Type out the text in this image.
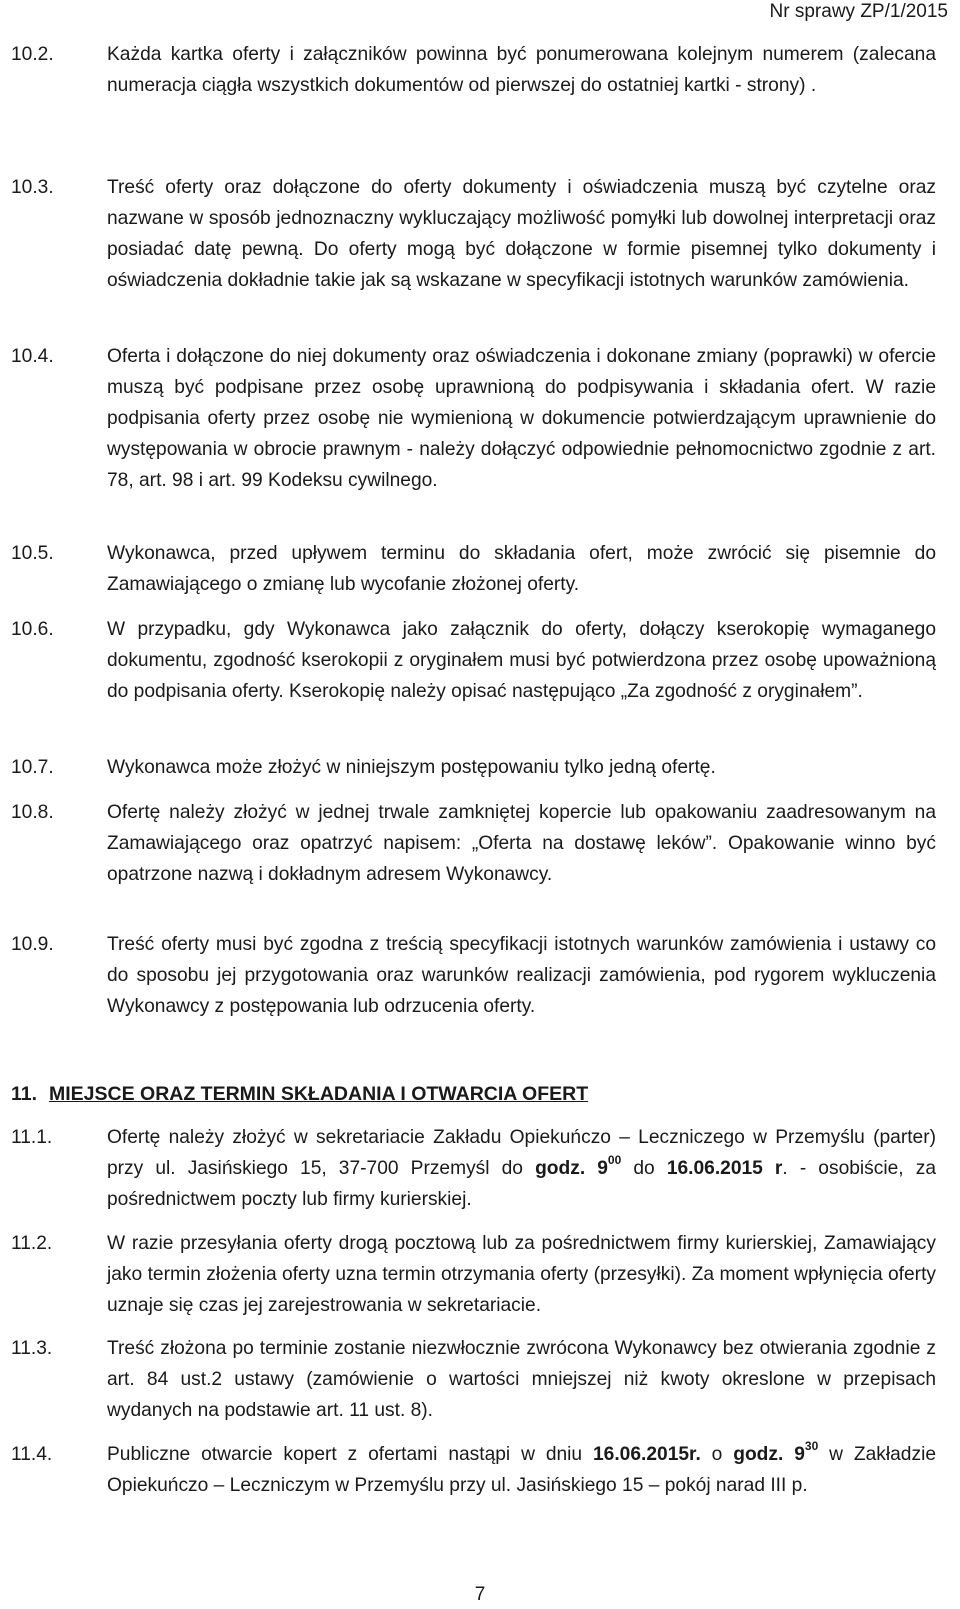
Nr sprawy ZP/1/2015
10.2.	Każda kartka oferty i załączników powinna być ponumerowana kolejnym numerem (zalecana numeracja ciągła wszystkich dokumentów od pierwszej do ostatniej kartki - strony) .
10.3.	Treść oferty oraz dołączone do oferty dokumenty i oświadczenia muszą być czytelne oraz nazwane w sposób jednoznaczny wykluczający możliwość pomyłki lub dowolnej interpretacji oraz posiadać datę pewną. Do oferty mogą być dołączone w formie pisemnej tylko dokumenty i oświadczenia dokładnie takie jak są wskazane w specyfikacji istotnych warunków zamówienia.
10.4.	Oferta i dołączone do niej dokumenty oraz oświadczenia i dokonane zmiany (poprawki) w ofercie muszą być podpisane przez osobę uprawnioną do podpisywania i składania ofert. W razie podpisania oferty przez osobę nie wymienioną w dokumencie potwierdzającym uprawnienie do występowania w obrocie prawnym - należy dołączyć odpowiednie pełnomocnictwo zgodnie z art. 78, art. 98 i art. 99 Kodeksu cywilnego.
10.5.	Wykonawca, przed upływem terminu do składania ofert, może zwrócić się pisemnie do Zamawiającego o zmianę lub wycofanie złożonej oferty.
10.6.	W przypadku, gdy Wykonawca jako załącznik do oferty, dołączy kserokopię wymaganego dokumentu, zgodność kserokopii z oryginałem musi być potwierdzona przez osobę upoważnioną do podpisania oferty. Kserokopię należy opisać następująco „Za zgodność z oryginałem”.
10.7.	Wykonawca może złożyć w niniejszym postępowaniu tylko jedną ofertę.
10.8.	Ofertę należy złożyć w jednej trwale zamkniętej kopercie lub opakowaniu zaadresowanym na Zamawiającego oraz opatrzyć napisem: „Oferta na dostawę leków”. Opakowanie winno być opatrzone nazwą i dokładnym adresem Wykonawcy.
10.9.	Treść oferty musi być zgodna z treścią specyfikacji istotnych warunków zamówienia i ustawy co do sposobu jej przygotowania oraz warunków realizacji zamówienia, pod rygorem wykluczenia Wykonawcy z postępowania lub odrzucenia oferty.
11. MIEJSCE ORAZ TERMIN SKŁADANIA I OTWARCIA OFERT
11.1.	Ofertę należy złożyć w sekretariacie Zakładu Opiekuńczo – Leczniczego w Przemyślu (parter) przy ul. Jasińskiego 15, 37-700 Przemyśl do godz. $9^{00}$ do 16.06.2015 r. - osobiście, za pośrednictwem poczty lub firmy kurierskiej.
11.2.	W razie przesyłania oferty drogą pocztową lub za pośrednictwem firmy kurierskiej, Zamawiający jako termin złożenia oferty uzna termin otrzymania oferty (przesyłki). Za moment wpłynięcia oferty uznaje się czas jej zarejestrowania w sekretariacie.
11.3.	Treść złożona po terminie zostanie niezwłocznie zwrócona Wykonawcy bez otwierania zgodnie z art. 84 ust.2 ustawy (zamówienie o wartości mniejszej niż kwoty okreslone w przepisach wydanych na podstawie art. 11 ust. 8).
11.4.	Publiczne otwarcie kopert z ofertami nastąpi w dniu 16.06.2015r. o godz. $9^{30}$ w Zakładzie Opiekuńczo – Leczniczym w Przemyślu przy ul. Jasińskiego 15 – pokój narad III p.
7
